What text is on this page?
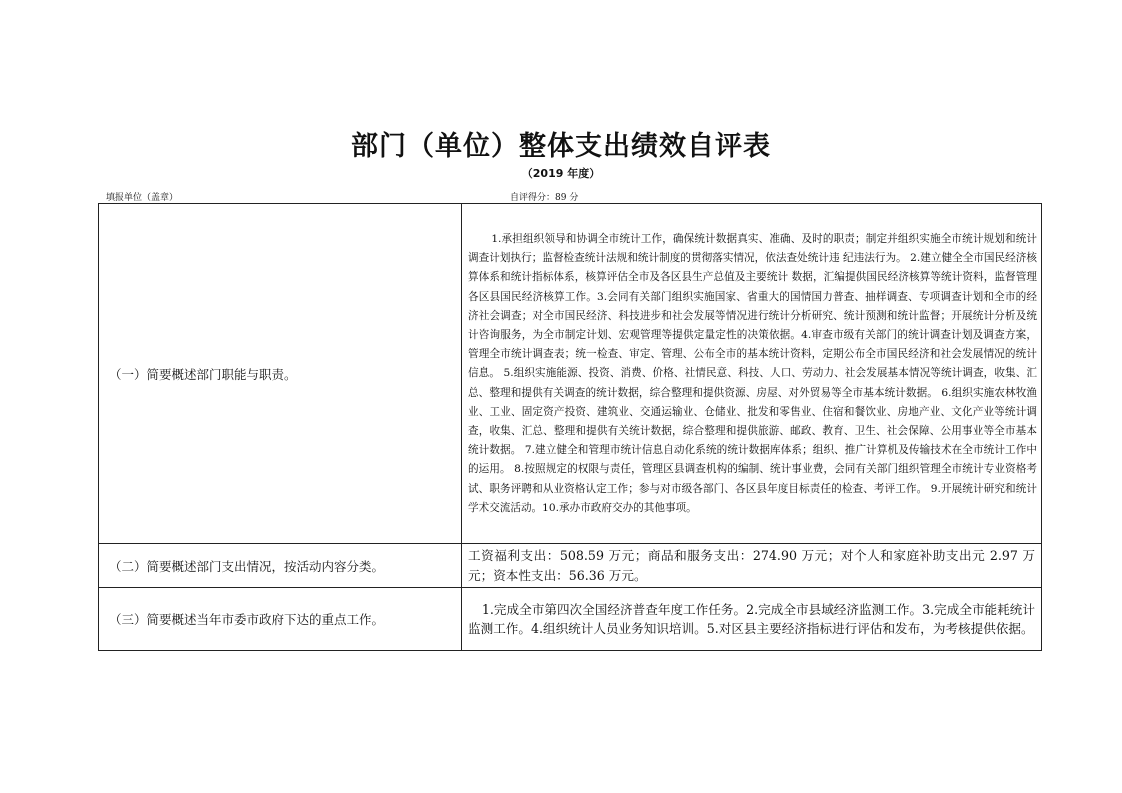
部门（单位）整体支出绩效自评表
（2019 年度）
填报单位（盖章）	自评得分：89 分
（一）简要概述部门职能与职责。	1.承担组织领导和协调全市统计工作，确保统计数据真实、准确、及时的职责；制定并组织实施全市统计规划和统计调查计划执行；监督检查统计法规和统计制度的贯彻落实情况，依法查处统计违 纪违法行为。 2.建立健全全市国民经济核算体系和统计指标体系，核算评估全市及各区县生产总值及主要统计 数据，汇编提供国民经济核算等统计资料，监督管理各区县国民经济核算工作。3.会同有关部门组织实施国家、省重大的国情国力普查、抽样调查、专项调查计划和全市的经济社会调查；对全市国民经济、科技进步和社会发展等情况进行统计分析研究、统计预测和统计监督；开展统计分析及统计咨询服务，为全市制定计划、宏观管理等提供定量定性的决策依据。4.审查市级有关部门的统计调查计划及调查方案，管理全市统计调查表；统一检查、审定、管理、公布全市的基本统计资料，定期公布全市国民经济和社会发展情况的统计信息。 5.组织实施能源、投资、消费、价格、社情民意、科技、人口、劳动力、社会发展基本情况等统计调查，收集、汇总、整理和提供有关调查的统计数据，综合整理和提供资源、房屋、对外贸易等全市基本统计数据。 6.组织实施农林牧渔业、工业、固定资产投资、建筑业、交通运输业、仓储业、批发和零售业、住宿和餐饮业、房地产业、文化产业等统计调查，收集、汇总、整理和提供有关统计数据，综合整理和提供旅游、邮政、教育、卫生、社会保障、公用事业等全市基本统计数据。 7.建立健全和管理市统计信息自动化系统的统计数据库体系；组织、推广计算机及传输技术在全市统计工作中的运用。 8.按照规定的权限与责任，管理区县调查机构的编制、统计事业费，会同有关部门组织管理全市统计专业资格考试、职务评聘和从业资格认定工作；参与对市级各部门、各区县年度目标责任的检查、考评工作。 9.开展统计研究和统计学术交流活动。10.承办市政府交办的其他事项。
（二）简要概述部门支出情况，按活动内容分类。	工资福利支出：508.59 万元；商品和服务支出：274.90 万元；对个人和家庭补助支出元 2.97 万元；资本性支出：56.36 万元。
（三）简要概述当年市委市政府下达的重点工作。	1.完成全市第四次全国经济普查年度工作任务。2.完成全市县域经济监测工作。3.完成全市能耗统计监测工作。4.组织统计人员业务知识培训。5.对区县主要经济指标进行评估和发布，为考核提供依据。
